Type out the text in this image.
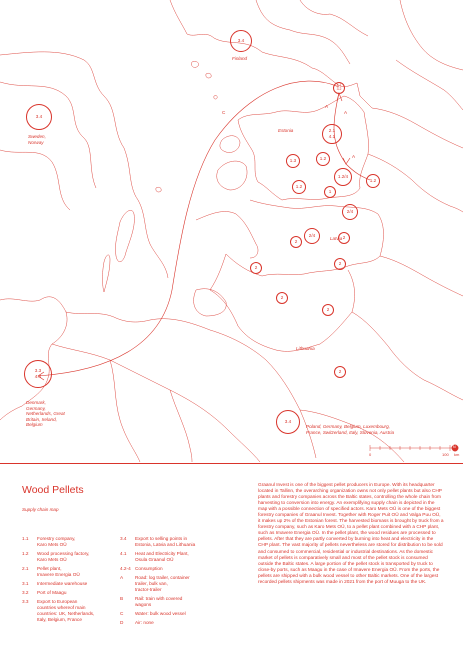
3.4
3.4
3.3
4.4
3.4
4.1
3.2
2.1
4.1
1.3	1.2
1.2
1.2/4
1.2
1
2/4
2/4
2
2
2
2
2
2
2
Finland
Estonia
Latvia
Lithuania
Sweden,
Norway
Denmark,
Germany,
Netherlands, Great
Britain, Ireland,
Belgium	Poland, Germany, Belgium, Luxembourg,
France, Switzerland, Italy, Slovenia, Austria
A
A
A
C
0	100 km
N
Wood Pellets
Supply chain map
1.1	Forestry company,
Karo Mets OÜ
1.2	Wood processing factory,
Karo Mets OÜ
2.1	Pellet plant,
Imavere Energia OÜ
3.1	Intermediate warehouse
3.2	Port of Maagu
3.3	Export to European
countries whereof main
countries: UK, Netherlands,
Italy, Belgium, France
3.4	Export to selling points in
Estonia, Latvia and Lithuania
4.1	Heat and Electricity Plant,
Osula Graanul OÜ
4.2-4 Consumption
A	Road: log trailer, container
trailer, bulk van,
tractor-trailer
B	Rail: train with covered
wagons
C	Water: bulk wood vessel
D	Air: none
Graanul Invest is one of the biggest pellet producers in Europe. With its headquarter located in Tallinn, the overarching organization owns not only pellet plants but also CHP plants and forestry companies across the Baltic states, controlling the whole chain from harvesting to conversion into energy. An exemplifying supply chain is depicted in the map with a possible connection of specified actors. Karo Mets OÜ is one of the biggest forestry companies of Graanul Invest. Together with Roger Puit OÜ and Valga Puu OÜ, it makes up 2% of the Estonian forest. The harvested biomass is brought by truck from a forestry company, such as Karo Mets OÜ, to a pellet plant combined with a CHP plant, such as Imavere Energia OÜ. In the pellet plant, the wood residues are processed to pellets. After that they are partly converted by burning into heat and electricity in the CHP plant. The vast majority of pellets nevertheless are stored for distribution to be sold and consumed to commercial, residential or industrial destinations. As the domestic market of pellets is comparatively small and most of the pellet stock is consumed outside the Baltic states. A large portion of the pellet stock is transported by truck to close-by ports, such as Maagu in the case of Imavere Energia OÜ. From the ports, the pellets are shipped with a bulk wood vessel to other Baltic markets. One of the largest recorded pellets shipments was made in 2021 from the port of Muuga to the UK.
